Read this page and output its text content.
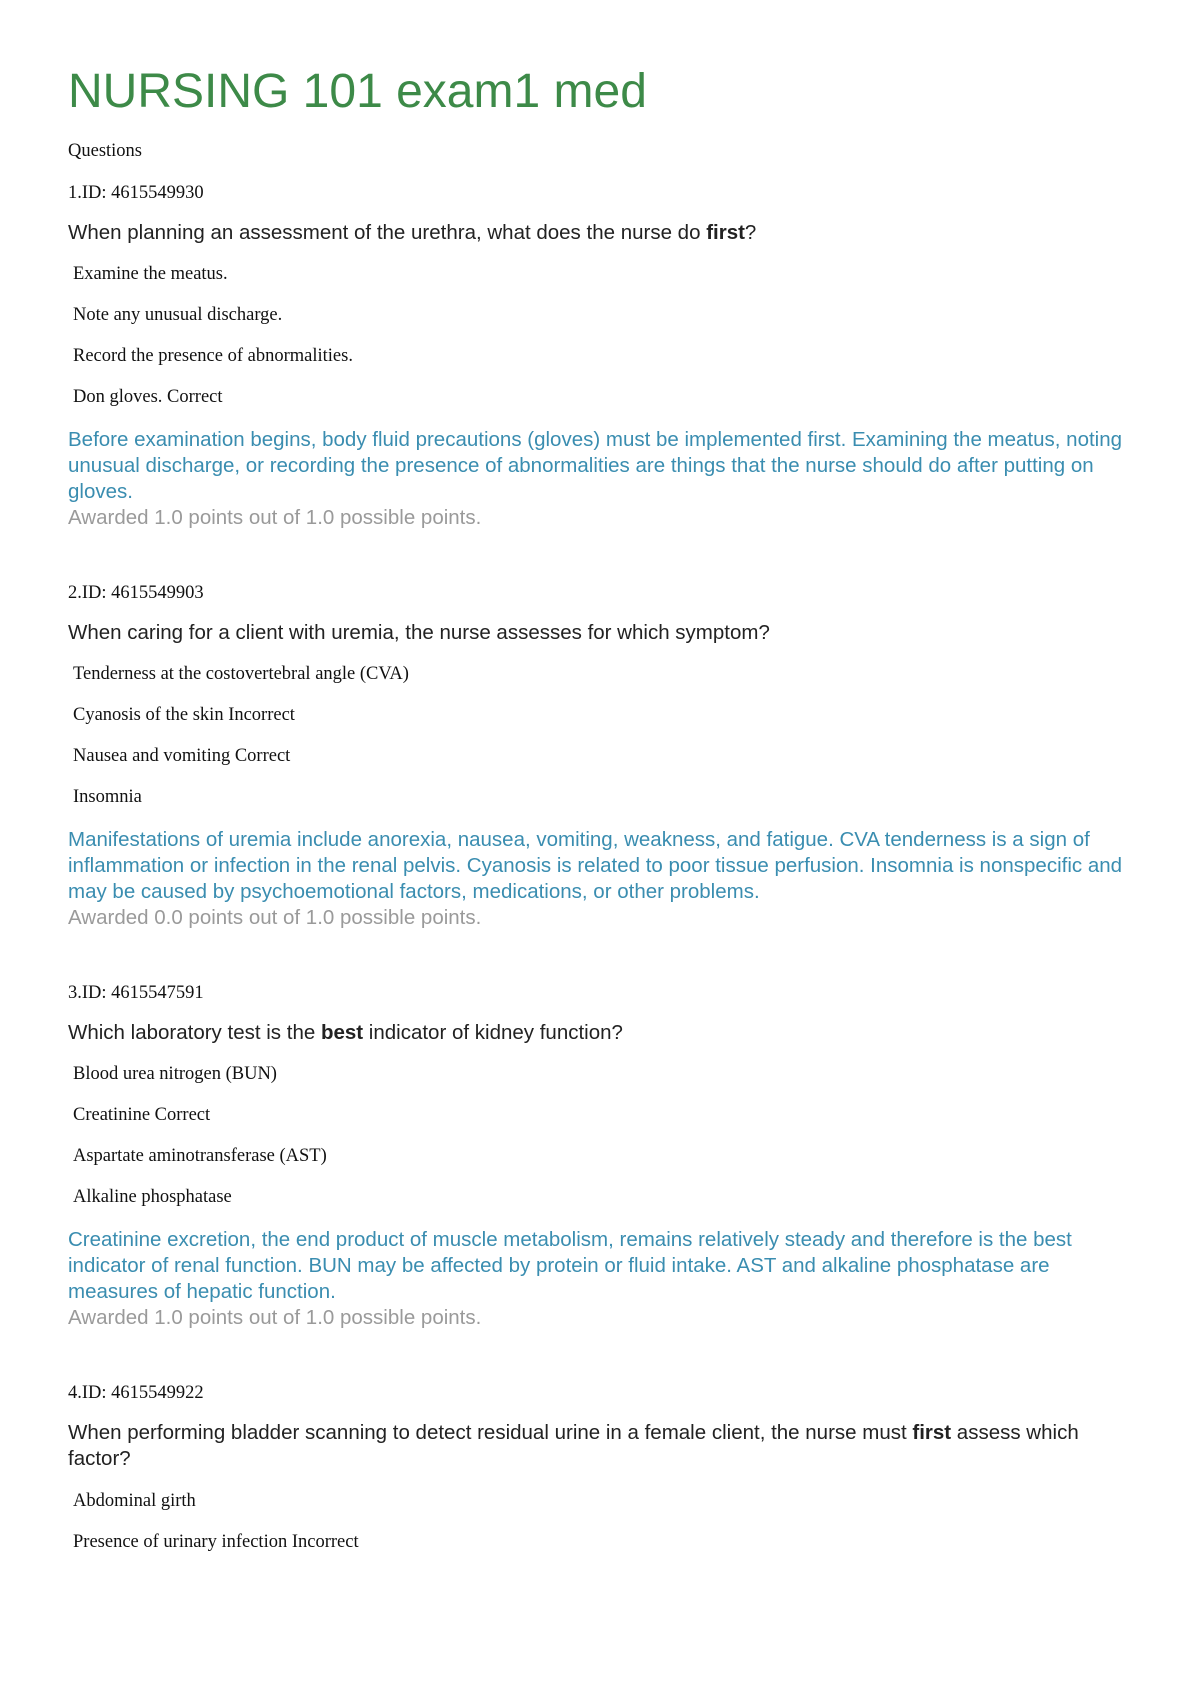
NURSING 101 exam1 med
Questions
1.ID: 4615549930
When planning an assessment of the urethra, what does the nurse do first?
Examine the meatus.
Note any unusual discharge.
Record the presence of abnormalities.
Don gloves. Correct
Before examination begins, body fluid precautions (gloves) must be implemented first. Examining the meatus, noting unusual discharge, or recording the presence of abnormalities are things that the nurse should do after putting on gloves.
Awarded 1.0 points out of 1.0 possible points.
2.ID: 4615549903
When caring for a client with uremia, the nurse assesses for which symptom?
Tenderness at the costovertebral angle (CVA)
Cyanosis of the skin Incorrect
Nausea and vomiting Correct
Insomnia
Manifestations of uremia include anorexia, nausea, vomiting, weakness, and fatigue. CVA tenderness is a sign of inflammation or infection in the renal pelvis. Cyanosis is related to poor tissue perfusion. Insomnia is nonspecific and may be caused by psychoemotional factors, medications, or other problems.
Awarded 0.0 points out of 1.0 possible points.
3.ID: 4615547591
Which laboratory test is the best indicator of kidney function?
Blood urea nitrogen (BUN)
Creatinine Correct
Aspartate aminotransferase (AST)
Alkaline phosphatase
Creatinine excretion, the end product of muscle metabolism, remains relatively steady and therefore is the best indicator of renal function. BUN may be affected by protein or fluid intake. AST and alkaline phosphatase are measures of hepatic function.
Awarded 1.0 points out of 1.0 possible points.
4.ID: 4615549922
When performing bladder scanning to detect residual urine in a female client, the nurse must first assess which factor?
Abdominal girth
Presence of urinary infection Incorrect
